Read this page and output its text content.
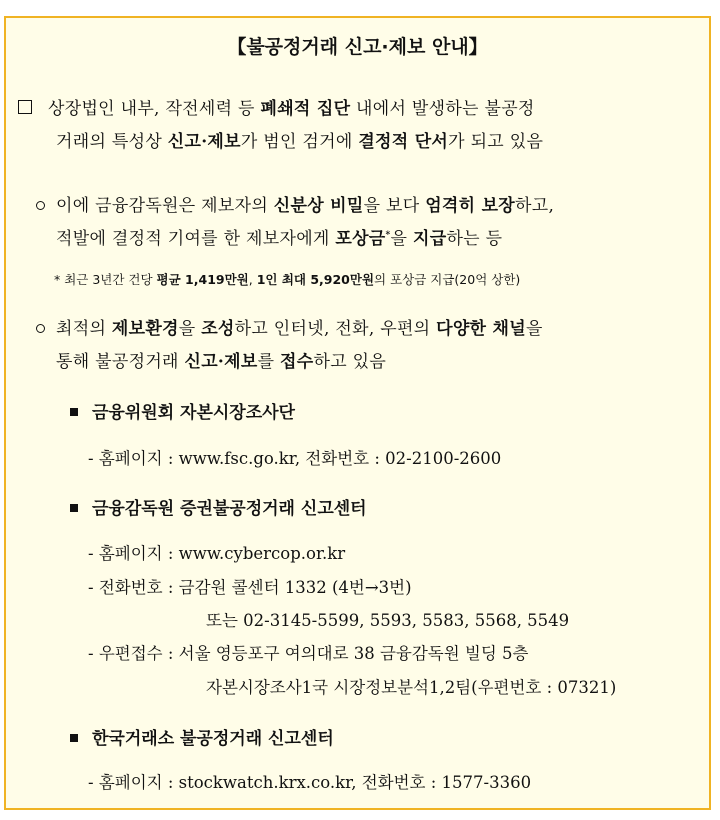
【불공정거래 신고·제보 안내】
상장법인 내부, 작전세력 등 폐쇄적 집단 내에서 발생하는 불공정
거래의 특성상 신고·제보가 범인 검거에 결정적 단서가 되고 있음
이에 금융감독원은 제보자의 신분상 비밀을 보다 엄격히 보장하고,
적발에 결정적 기여를 한 제보자에게 포상금*을 지급하는 등
* 최근 3년간 건당 평균 1,419만원, 1인 최대 5,920만원의 포상금 지급(20억 상한)
최적의 제보환경을 조성하고 인터넷, 전화, 우편의 다양한 채널을
통해 불공정거래 신고·제보를 접수하고 있음
금융위원회 자본시장조사단
- 홈페이지 : www.fsc.go.kr, 전화번호 : 02-2100-2600
금융감독원 증권불공정거래 신고센터
- 홈페이지 : www.cybercop.or.kr
- 전화번호 : 금감원 콜센터 1332 (4번→3번)
또는 02-3145-5599, 5593, 5583, 5568, 5549
- 우편접수 : 서울 영등포구 여의대로 38 금융감독원 빌딩 5층
자본시장조사1국 시장정보분석1,2팀(우편번호 : 07321)
한국거래소 불공정거래 신고센터
- 홈페이지 : stockwatch.krx.co.kr, 전화번호 : 1577-3360
